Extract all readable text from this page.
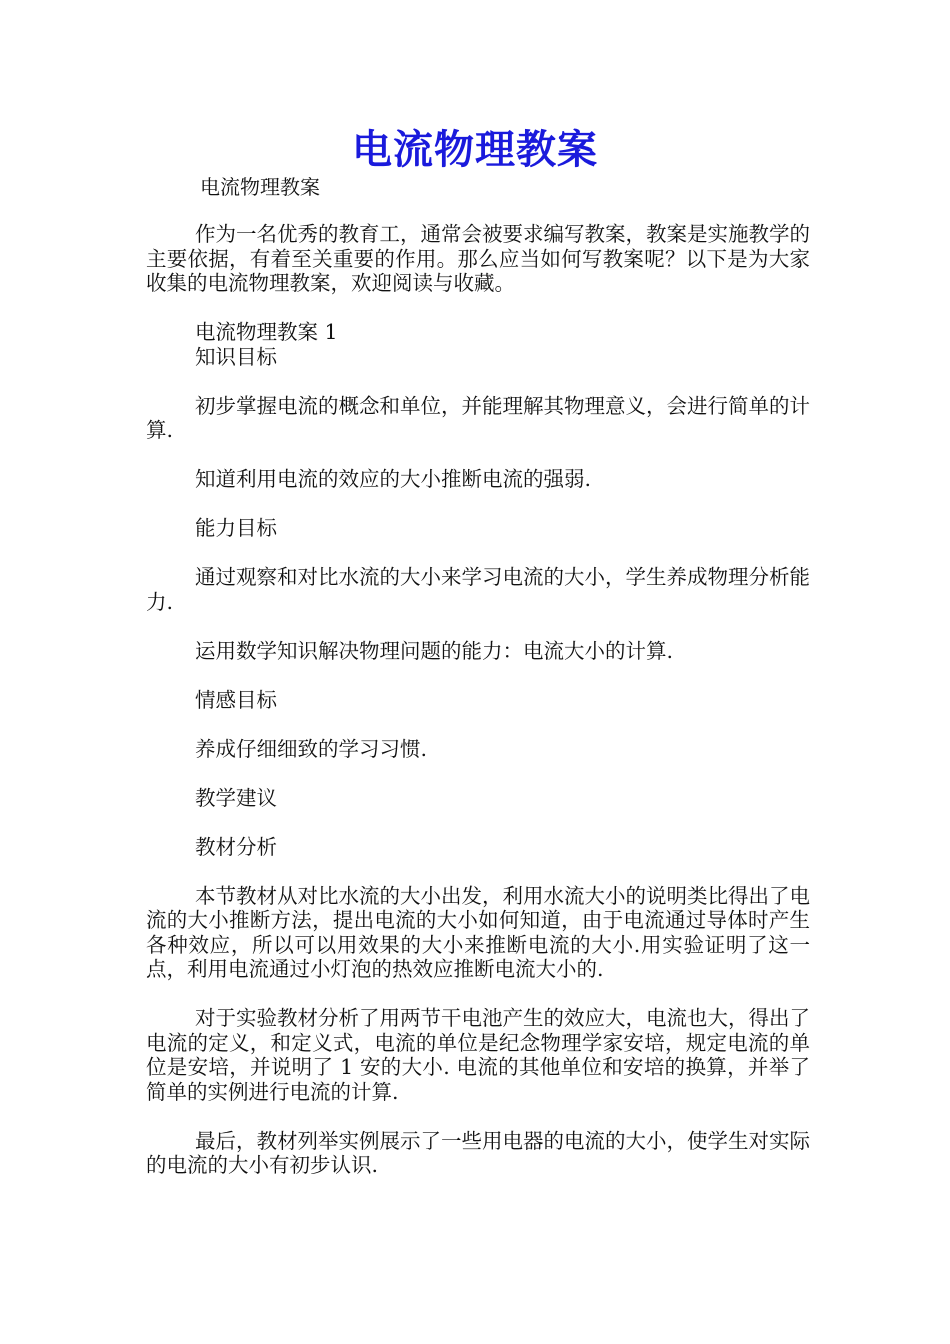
电流物理教案
电流物理教案

作为一名优秀的教育工，通常会被要求编写教案，教案是实施教学的主要依据，有着至关重要的作用。那么应当如何写教案呢？以下是为大家收集的电流物理教案，欢迎阅读与收藏。

电流物理教案 1

知识目标

初步掌握电流的概念和单位，并能理解其物理意义，会进行简单的计算.

知道利用电流的效应的大小推断电流的强弱.

能力目标

通过观察和对比水流的大小来学习电流的大小，学生养成物理分析能力.

运用数学知识解决物理问题的能力：电流大小的计算.

情感目标

养成仔细细致的学习习惯.

教学建议

教材分析

本节教材从对比水流的大小出发，利用水流大小的说明类比得出了电流的大小推断方法，提出电流的大小如何知道，由于电流通过导体时产生各种效应，所以可以用效果的大小来推断电流的大小.用实验证明了这一点，利用电流通过小灯泡的热效应推断电流大小的.

对于实验教材分析了用两节干电池产生的效应大，电流也大，得出了电流的定义，和定义式，电流的单位是纪念物理学家安培，规定电流的单位是安培，并说明了 1 安的大小. 电流的其他单位和安培的换算，并举了简单的实例进行电流的计算.

最后，教材列举实例展示了一些用电器的电流的大小，使学生对实际的电流的大小有初步认识.
